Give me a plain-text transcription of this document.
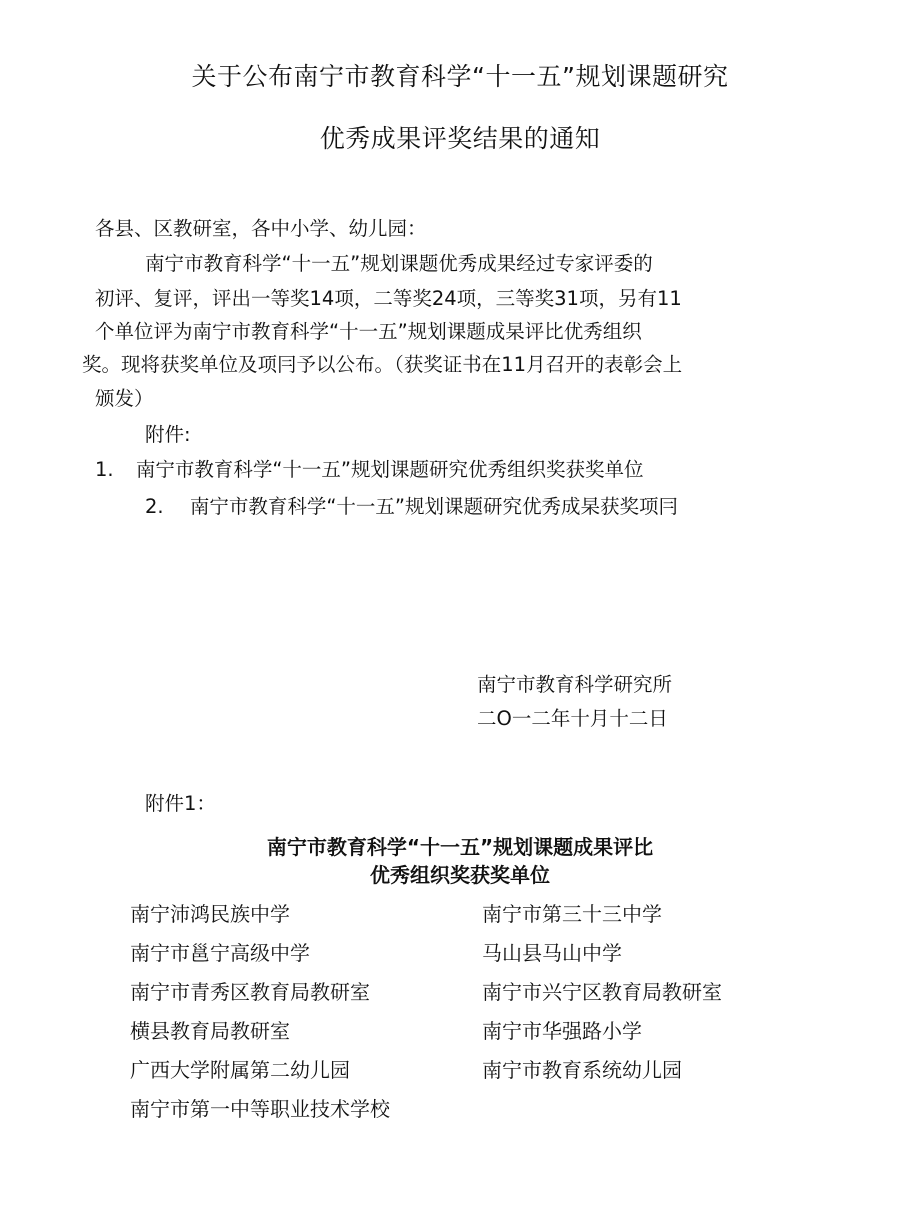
关于公布南宁市教育科学“十一五”规划课题研究
优秀成果评奖结果的通知
各县、区教研室，各中小学、幼儿园：
南宁市教育科学“十一五”规划课题优秀成果经过专家评委的
初评、复评，评出一等奖14项，二等奖24项，三等奖31项，另有11
个单位评为南宁市教育科学“十一五”规划课题成杲评比优秀组织
奖。现将获奖单位及项冃予以公布。（获奖证书在11月召开的表彰会上
颁发）
附件:
1. 南宁市教育科学“十一五”规划课题研究优秀组织奖获奖单位
2. 南宁市教育科学“十一五”规划课题研究优秀成杲获奖项冃
南宁市教育科学研究所
二O一二年十月十二日
附件1：
南宁市教育科学“十一五”规划课题成果评比
优秀组织奖获奖单位
南宁沛鸿民族中学
南宁市邕宁高级中学
南宁市青秀区教育局教研室
横县教育局教研室
广西大学附属第二幼儿园
南宁市第一中等职业技术学校
南宁市第三十三中学
马山县马山中学
南宁市兴宁区教育局教研室
南宁市华强路小学
南宁市教育系统幼儿园
